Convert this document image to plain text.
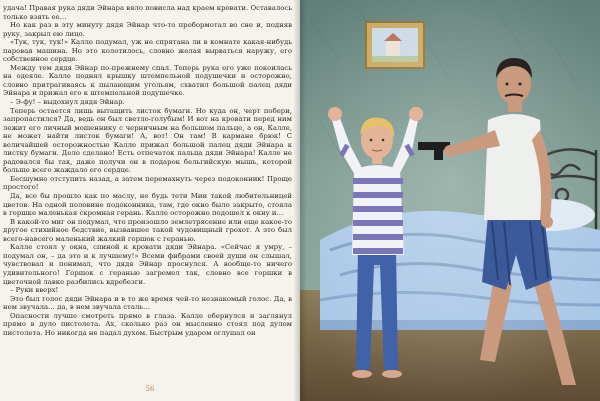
удача! Правая рука дяди Эйнара вяло повисла над краем кровати. Оставалось только взять ее…

Но как раз в эту минуту дядя Эйнар что-то пробормотал во сне и, подняв руку, закрыл ею лицо.

«Тук, тук, тук!» Калле подумал, уж не спрятана ли в комнате какая-нибудь паровая машина. Но это колотилось, словно желая вырваться наружу, его собственное сердце.

Между тем дядя Эйнар по-прежнему спал. Теперь рука его уже покоилась на одеяле. Калле поднял крышку штемпельной подушечки и осторожно, словно притрагиваясь к пылающим угольям, схватил большой палец дяди Эйнара и прижал его к штемпельной подушечке.

– Э-фу! – выдохнул дядя Эйнар.

Теперь остается лишь вытащить листок бумаги. Но куда он, черт побери, запропастился? Да, ведь он был светло-голубым! И вот на кровати перед ним лежит его личный мошеннику с черничным на большом пальце, а он, Калле, не может найти листок бумаги! А, вот! Он там! В кармане брюк! С величайшей осторожностью Калле прижал большой палец дяди Эйнара к листку бумаги. Дело сделано! Есть отпечаток пальца дяди Эйнара! Калле не радовался бы так, даже получи он в подарок бельгийскую мышь, которой больше всего жаждало его сердце.

Бесшумно отступить назад, а затем перемахнуть через подоконник! Проще простого!

Да, все бы прошло как по маслу, не будь тети Мии такой любительницей цветов. На одной половине подоконника, там, где окно было закрыто, стояла в горшке маленькая скромная герань. Калле осторожно подошел к окну и…

В какой-то миг он подумал, что произошло землетрясение или еще какое-то другое стихийное бедствие, вызвавшее такой чудовищный грохот. А это был всего-навсего маленький жалкий горшок с геранью.

Калле стоял у окна, спиной к кровати дяди Эйнара. «Сейчас я умру, – подумал он, – да это и к лучшему!» Всеми фибрами своей души он слышал, чувствовал и понимал, что дядя Эйнар проснулся. А вообще-то ничего удивительного! Горшок с геранью загремел так, словно все горшки в цветочной лавке разбились вдребезги.

– Руки вверх!

Это был голос дяди Эйнара и в то же время чей-то незнакомый голос. Да, в нем звучала… да, в нем звучала сталь…

Опасности лучше смотреть прямо в глаза. Калле обернулся и заглянул прямо в дуло пистолета. Ах, сколько раз он мысленно стоял под дулом пистолета. Но никогда не падал духом. Быстрым ударом оглушал он

56
